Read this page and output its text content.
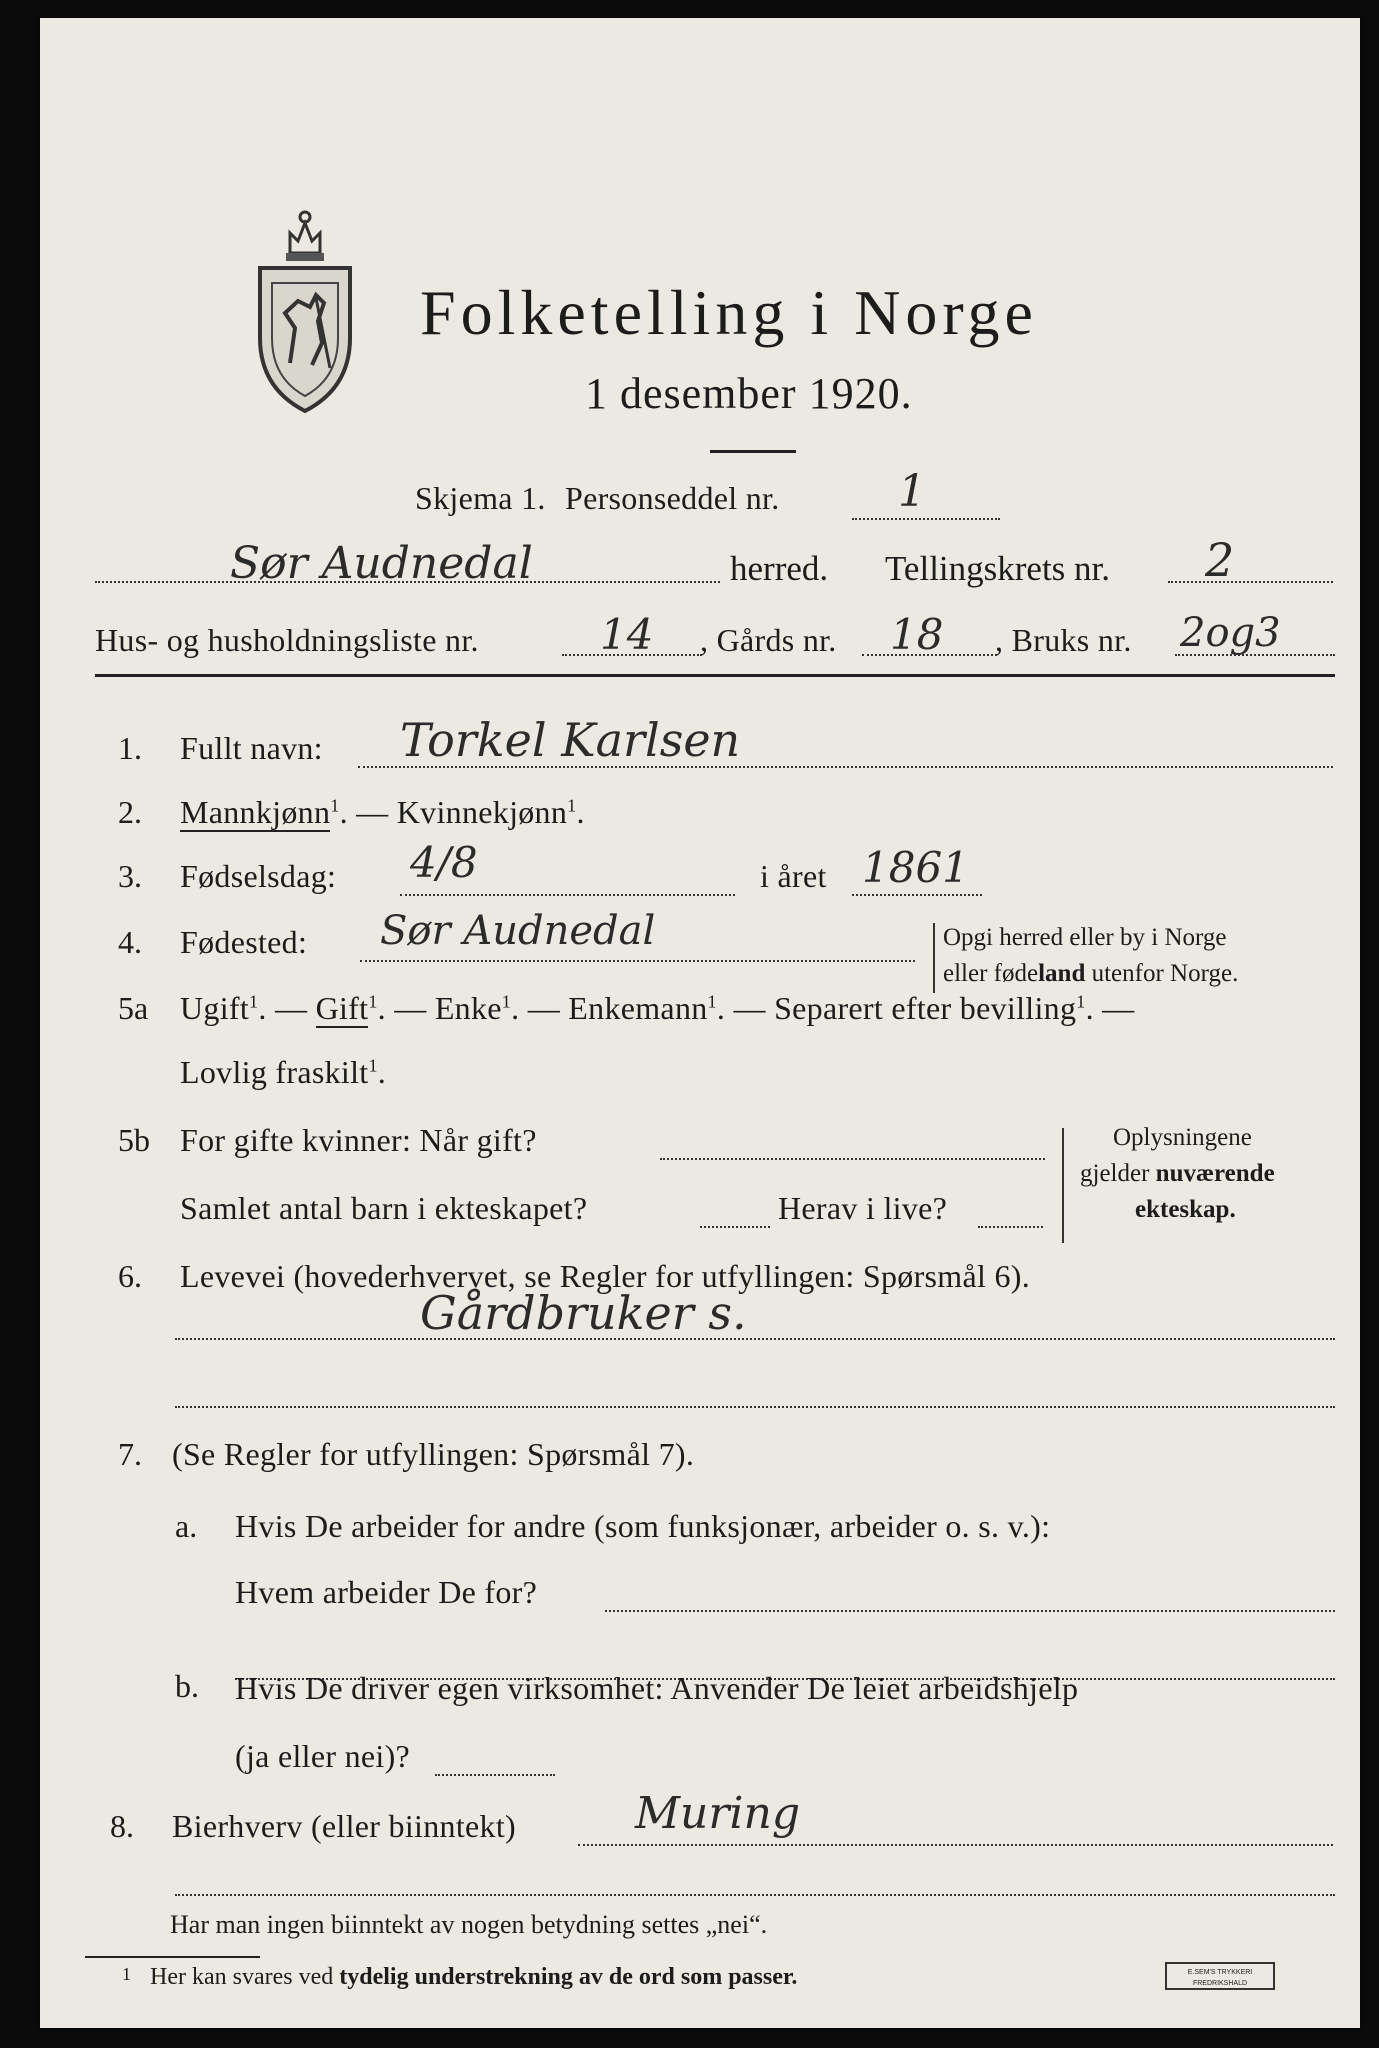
Folketelling i Norge
1 desember 1920.
Skjema 1. Personseddel nr.	1
Sør Audnedal	herred. Tellingskrets nr. 2
Hus- og husholdningsliste nr.	14 , Gårds nr. 18 , Bruks nr. 2og3
1. Fullt navn: Torkel Karlsen
2. Mannkjønn$^1$. — Kvinnekjønn$^1$.
3. Fødselsdag: 4/8	i året 1861
4. Fødested: Sør Audnedal	Opgi herred eller by i Norge
eller fødeland utenfor Norge.
5a Ugift$^1$. — Gift$^1$. — Enke$^1$. — Enkemann$^1$. — Separert efter bevilling$^1$. —
Lovlig fraskilt$^1$.
5b For gifte kvinner: Når gift?
Samlet antal barn i ekteskapet?	Herav i live?
Oplysningene
gjelder nuværende
ekteskap.
6. Levevei (hovederhvervet, se Regler for utfyllingen: Spørsmål 6).
Gårdbruker s.
7. (Se Regler for utfyllingen: Spørsmål 7).
a. Hvis De arbeider for andre (som funksjonær, arbeider o. s. v.):
Hvem arbeider De for?
b. Hvis De driver egen virksomhet: Anvender De leiet arbeidshjelp
(ja eller nei)?
8. Bierhverv (eller biinntekt)	Muring
Har man ingen biinntekt av nogen betydning settes „nei“.
1 Her kan svares ved tydelig understrekning av de ord som passer.	E.SEM'S TRYKKERI
FREDRIKSHALD
